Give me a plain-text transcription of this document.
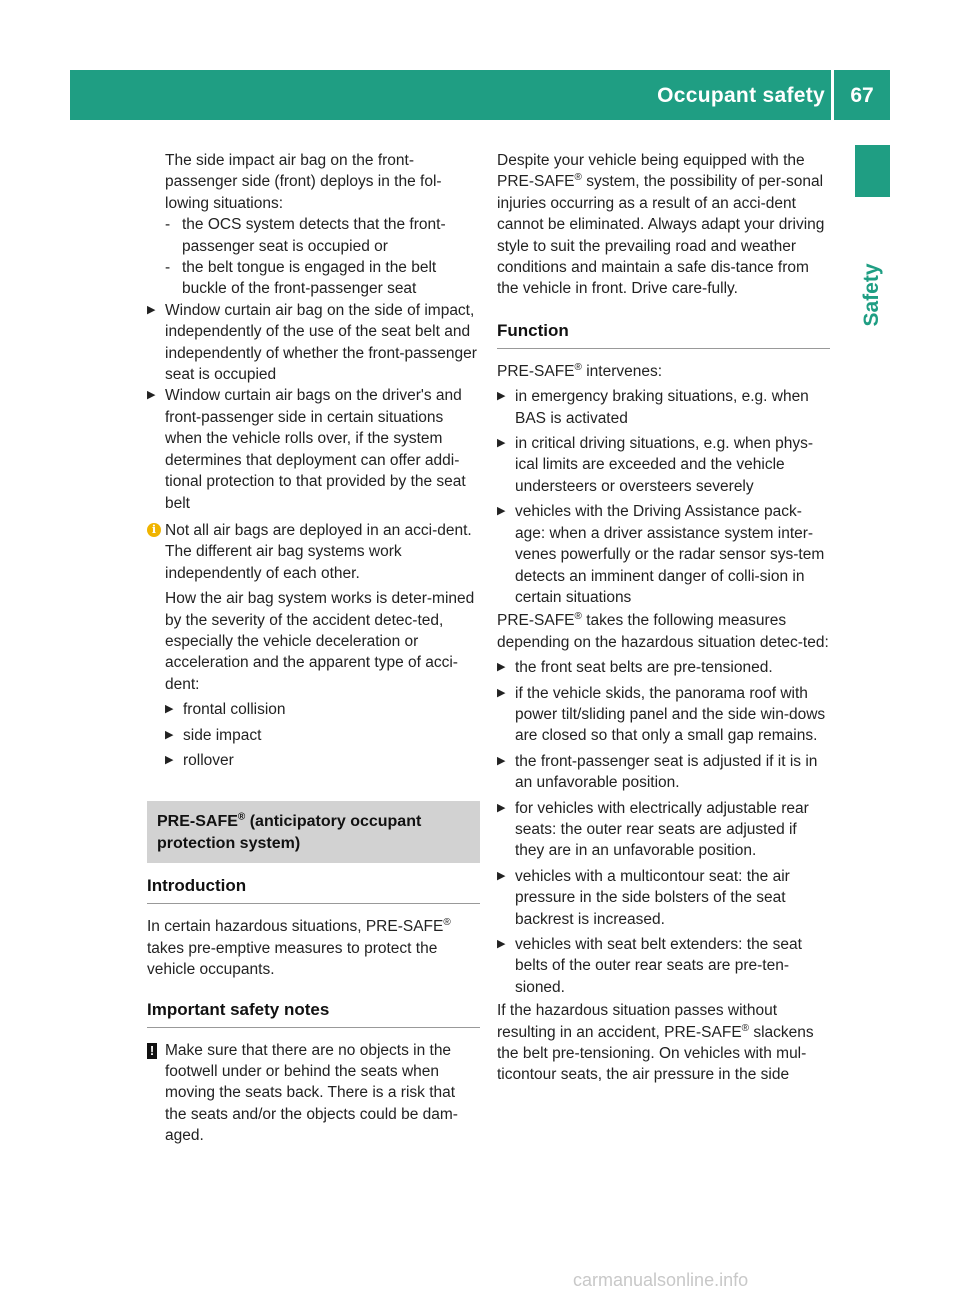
Occupant safety	67
Safety

The side impact air bag on the front-passenger side (front) deploys in the fol-lowing situations:

- the OCS system detects that the front-passenger seat is occupied or
- the belt tongue is engaged in the belt buckle of the front-passenger seat
▶ Window curtain air bag on the side of impact, independently of the use of the seat belt and independently of whether the front-passenger seat is occupied
▶ Window curtain air bags on the driver's and front-passenger side in certain situations when the vehicle rolls over, if the system determines that deployment can offer addi-tional protection to that provided by the seat belt
i Not all air bags are deployed in an acci-dent. The different air bag systems work independently of each other.

How the air bag system works is deter-mined by the severity of the accident detec-ted, especially the vehicle deceleration or acceleration and the apparent type of acci-dent:

▶ frontal collision
▶ side impact
▶ rollover
PRE-SAFE® (anticipatory occupant protection system)
Introduction

In certain hazardous situations, PRE-SAFE® takes pre-emptive measures to protect the vehicle occupants.

Important safety notes
! Make sure that there are no objects in the footwell under or behind the seats when moving the seats back. There is a risk that the seats and/or the objects could be dam-aged.

Despite your vehicle being equipped with the PRE-SAFE® system, the possibility of per-sonal injuries occurring as a result of an acci-dent cannot be eliminated. Always adapt your driving style to suit the prevailing road and weather conditions and maintain a safe dis-tance from the vehicle in front. Drive care-fully.

Function

PRE-SAFE® intervenes:

▶ in emergency braking situations, e.g. when BAS is activated
▶ in critical driving situations, e.g. when phys-ical limits are exceeded and the vehicle understeers or oversteers severely
▶ vehicles with the Driving Assistance pack-age: when a driver assistance system inter-venes powerfully or the radar sensor sys-tem detects an imminent danger of colli-sion in certain situations

PRE-SAFE® takes the following measures depending on the hazardous situation detec-ted:

▶ the front seat belts are pre-tensioned.
▶ if the vehicle skids, the panorama roof with power tilt/sliding panel and the side win-dows are closed so that only a small gap remains.
▶ the front-passenger seat is adjusted if it is in an unfavorable position.
▶ for vehicles with electrically adjustable rear seats: the outer rear seats are adjusted if they are in an unfavorable position.
▶ vehicles with a multicontour seat: the air pressure in the side bolsters of the seat backrest is increased.
▶ vehicles with seat belt extenders: the seat belts of the outer rear seats are pre-ten-sioned.

If the hazardous situation passes without resulting in an accident, PRE-SAFE® slackens the belt pre-tensioning. On vehicles with mul-ticontour seats, the air pressure in the side

carmanualsonline.info
